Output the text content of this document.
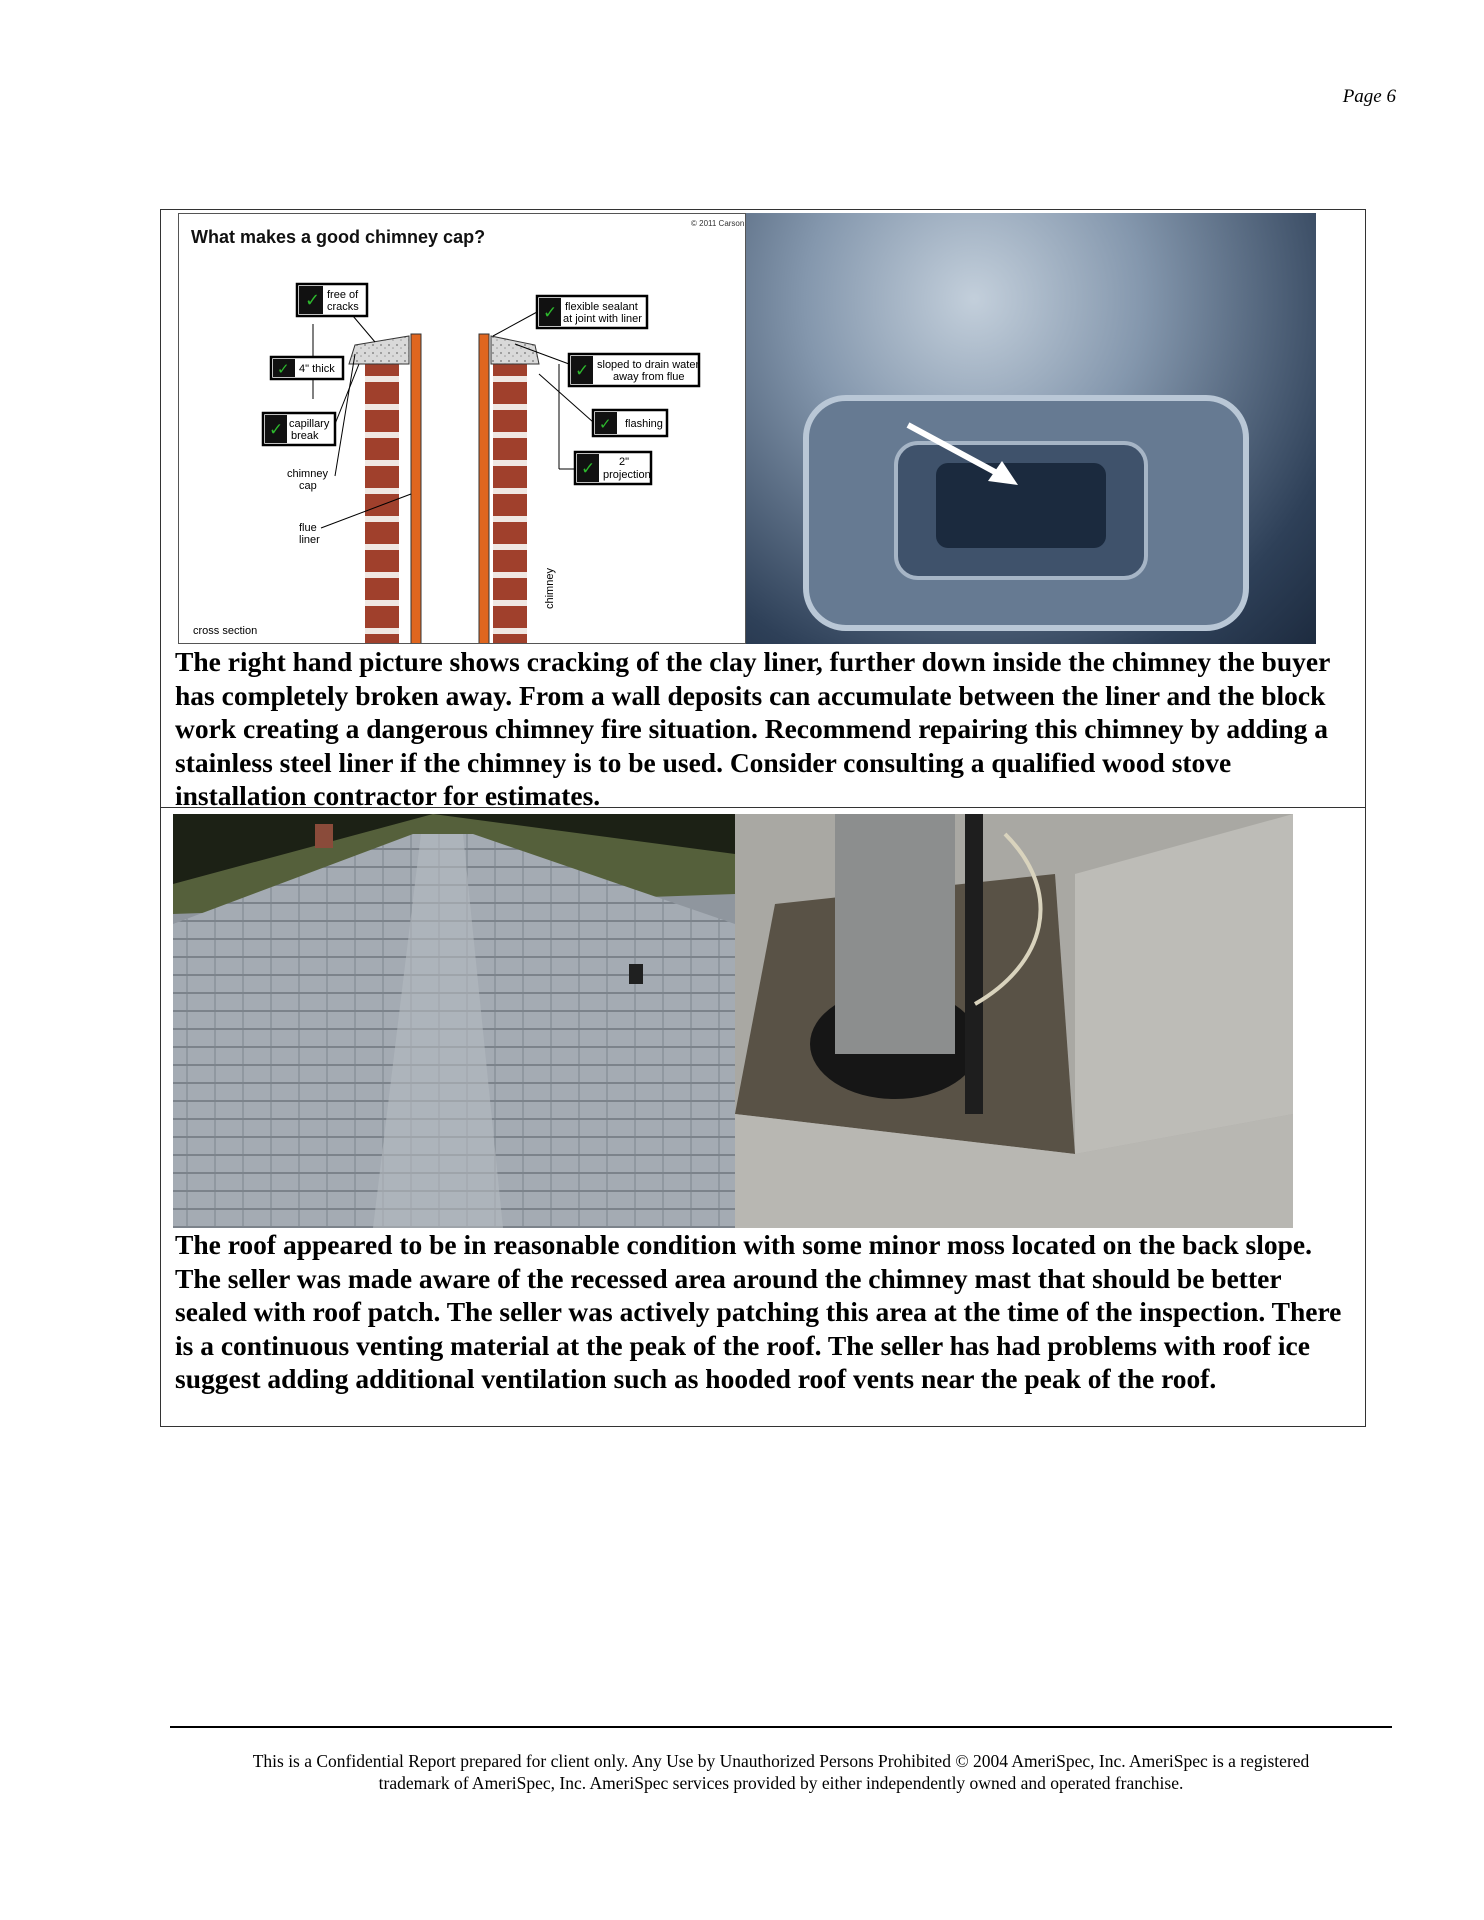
Page 6
What makes a good chimney cap?
© 2011 Carson
✓ free of
cracks
✓ 4" thick
✓ capillary
break
chimney
cap
flue
liner
✓ flexible sealant
at joint with liner
✓ sloped to drain water
away from flue
✓ flashing
✓ 2"
projection
chimney
cross section

The right hand picture shows cracking of the clay liner, further down inside the chimney the buyer has completely broken away. From a wall deposits can accumulate between the liner and the block work creating a dangerous chimney fire situation. Recommend repairing this chimney by adding a stainless steel liner if the chimney is to be used. Consider consulting a qualified wood stove installation contractor for estimates.

The roof appeared to be in reasonable condition with some minor moss located on the back slope. The seller was made aware of the recessed area around the chimney mast that should be better sealed with roof patch. The seller was actively patching this area at the time of the inspection. There is a continuous venting material at the peak of the roof. The seller has had problems with roof ice suggest adding additional ventilation such as hooded roof vents near the peak of the roof.

This is a Confidential Report prepared for client only. Any Use by Unauthorized Persons Prohibited © 2004 AmeriSpec, Inc. AmeriSpec is a registered

trademark of AmeriSpec, Inc. AmeriSpec services provided by either independently owned and operated franchise.
